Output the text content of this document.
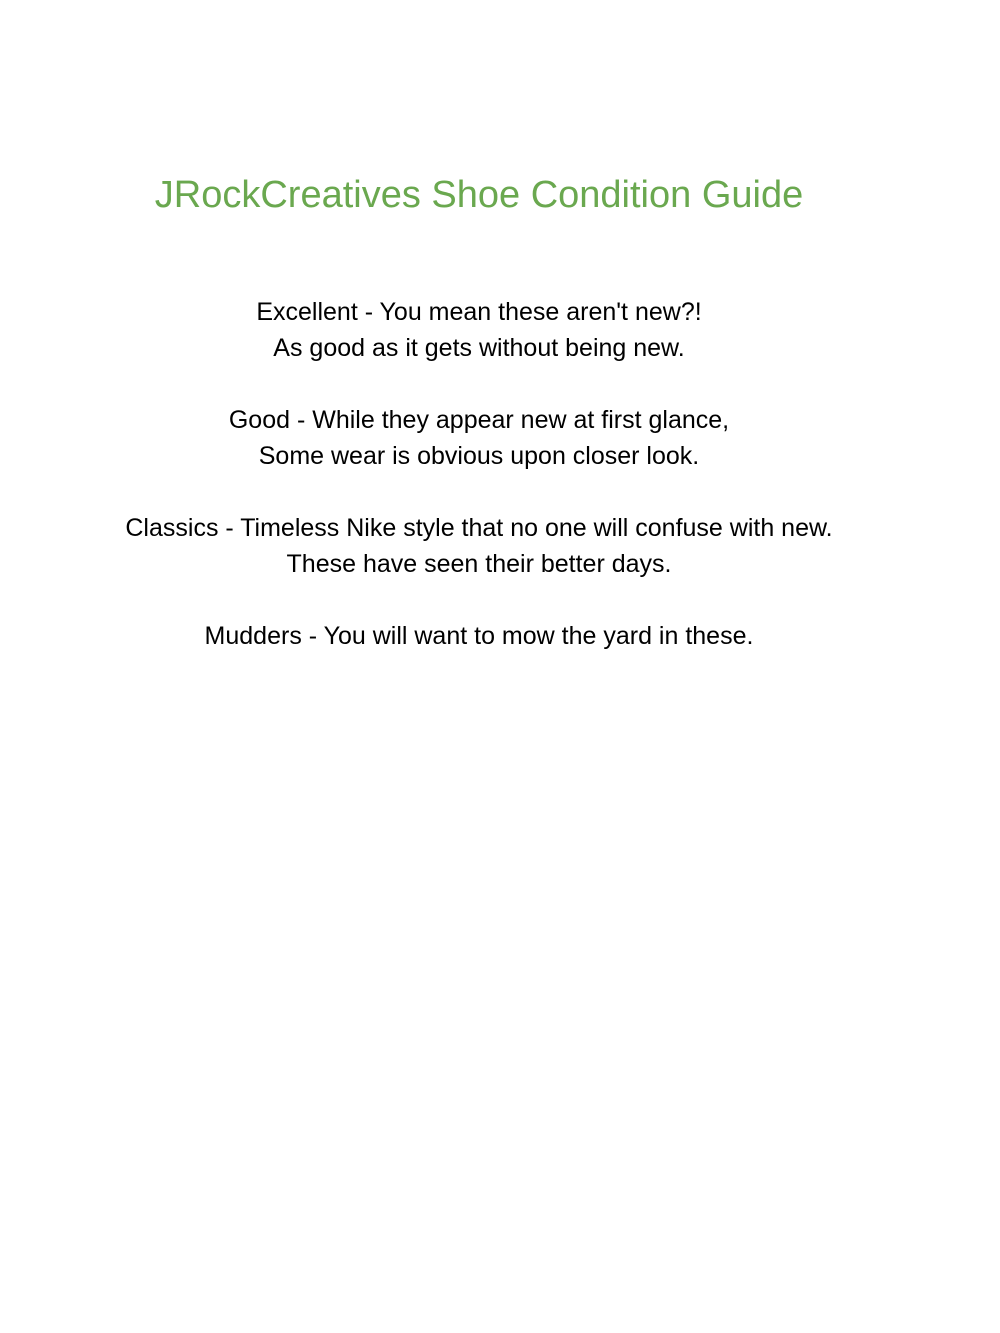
JRockCreatives Shoe Condition Guide
Excellent - You mean these aren't new?!
As good as it gets without being new.
Good - While they appear new at first glance,
Some wear is obvious upon closer look.
Classics - Timeless Nike style that no one will confuse with new.
These have seen their better days.
Mudders - You will want to mow the yard in these.
